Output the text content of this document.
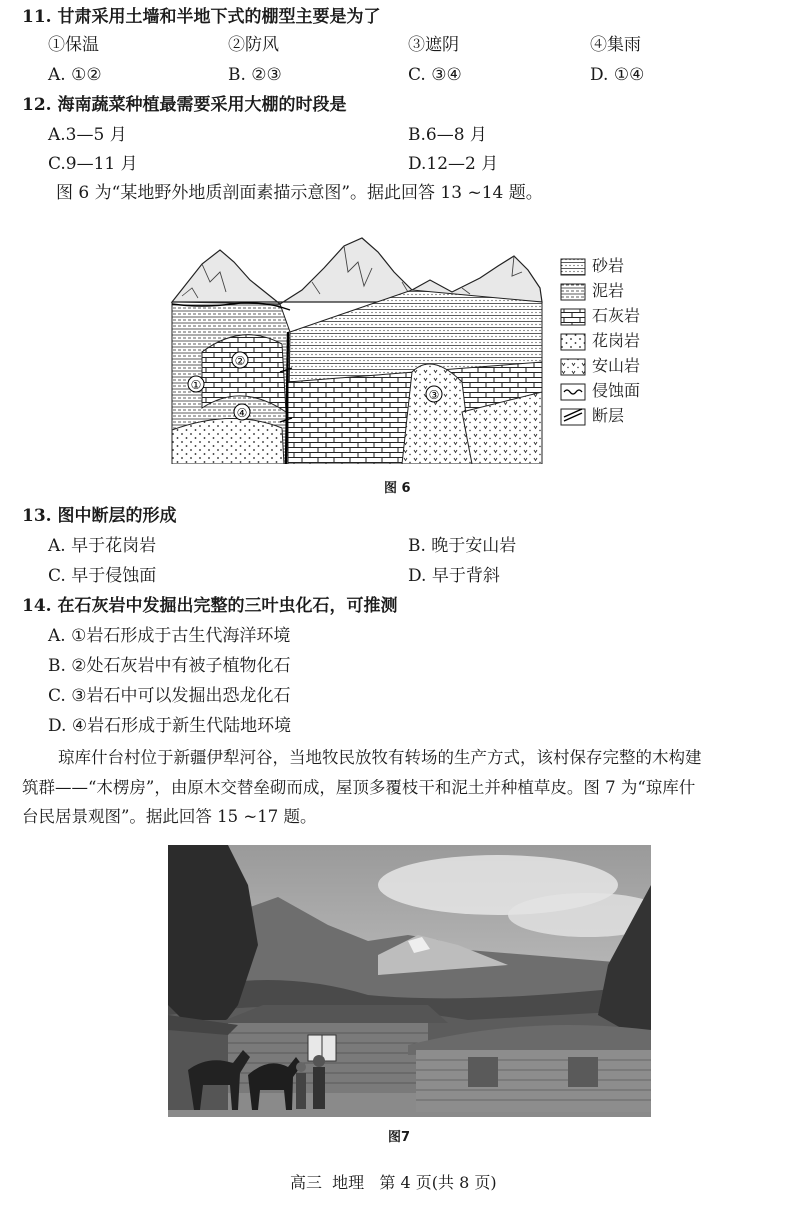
11. 甘肃采用土墙和半地下式的棚型主要是为了
①保温	②防风	③遮阴	④集雨
A. ①②	B. ②③	C. ③④	D. ①④
12. 海南蔬菜种植最需要采用大棚的时段是
A.3—5 月	B.6—8 月
C.9—11 月	D.12—2 月
图 6 为“某地野外地质剖面素描示意图”。据此回答 13 ~14 题。
①
②
③
④
砂岩
泥岩
石灰岩
花岗岩
安山岩
侵蚀面
断层
图 6
13. 图中断层的形成
A. 早于花岗岩	B. 晚于安山岩
C. 早于侵蚀面	D. 早于背斜
14. 在石灰岩中发掘出完整的三叶虫化石，可推测
A. ①岩石形成于古生代海洋环境
B. ②处石灰岩中有被子植物化石
C. ③岩石中可以发掘出恐龙化石
D. ④岩石形成于新生代陆地环境
琼库什台村位于新疆伊犁河谷，当地牧民放牧有转场的生产方式，该村保存完整的木构建
筑群——“木楞房”，由原木交替垒砌而成，屋顶多覆枝干和泥土并种植草皮。图 7 为“琼库什
台民居景观图”。据此回答 15 ~17 题。
图7
高三  地理   第 4 页(共 8 页)
